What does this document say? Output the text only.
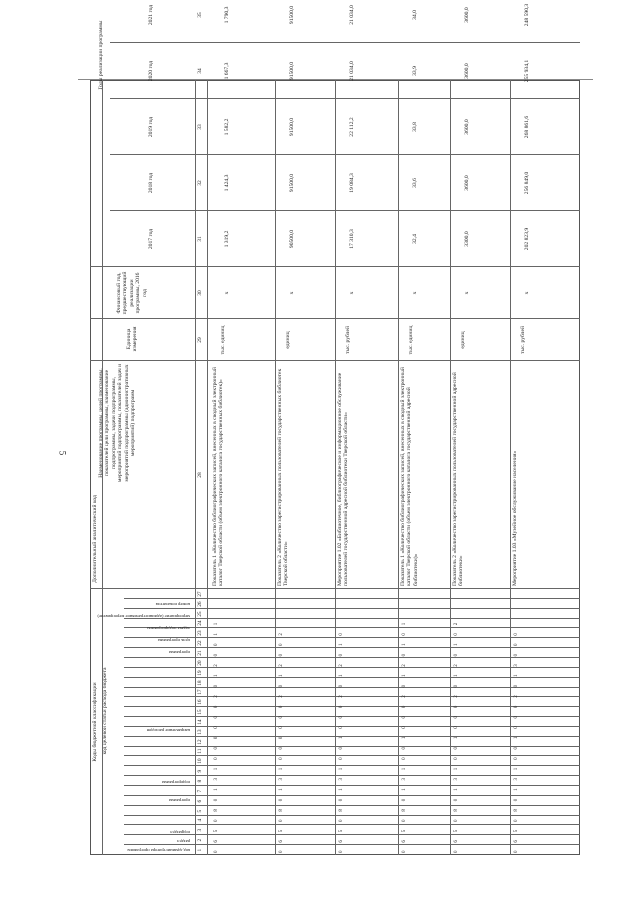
5
Коды бюджетной классификации код целевой статьи расхода бюджета
Дополнительный аналитический код
Наименование программы, целей программы, показателей цели программы, наименование подпрограммы, задачи подпрограммы, мероприятий подпрограммы, показателей задач и мероприятий подпрограммы (административных мероприятий) подпрограмм
Единица измерения
Финансовый год, предшествующий реализации программы, 2016 год
Годы реализации программы
код администратора программы
раздел
подраздел
программа
подпрограмма
направление расходов
программа
цель программы
задача подпрограммы
мероприятие (административное мероприятие)
номер показателя
2017 год
2018 год
2019 год
2020 год
2021 год
1
2
3
4
5
6
7
8
9
10
11
12
13
14
15
16
17
18
19
20
21
22
23
24
25
26
27
28
29
30
31
32
33
34
35
0 6 5 0 8 0 1 3 1 0 0 0 0 0 0 2 0 1 2 0 0 1 1
Показатель 1 «Количество библиографических записей, внесенных в сводный электронный каталог Тверской области (объем электронного каталога государственных библиотек)»
тыс. единиц
х
1 319,2
1 424,3
1 582,2
1 667,3
1 790,3
0 6 5 0 8 0 1 3 1 0 0 0 0 0 0 2 0 1 2 0 0 2
Показатель 2 «Количество зарегистрированных пользователей государственных библиотек Тверской области»
единиц
х
90500,0
91500,0
91500,0
91500,0
91500,0
0 6 5 0 8 0 1 3 1 0 0 1 0 0 0 2 0 1 2 0 1 0
Мероприятие 1.02 «Библиотечное, библиографическое и информационное обслуживание пользователей государственной адресной библиотеки Тверской области»
тыс. рублей
х
17 310,3
19 084,3
22 112,2
21 034,0
21 034,0
0 6 5 0 8 0 1 3 1 0 0 1 0 0 0 2 0 1 2 0 1 0 1
Показатель 1 «Количество библиографических записей, внесенных в сводный электронный каталог Тверской области (объем электронного каталога государственной адресной библиотеки)»
тыс. единиц
х
32,4
33,6
33,8
33,9
34,0
0 6 5 0 8 0 1 3 1 0 0 1 0 0 0 2 0 1 2 0 1 0 2
Показатель 2 «Количество зарегистрированных пользователей государственной адресной библиотеки»
единиц
х
3300,0
3600,0
3600,0
3600,0
3600,0
0 6 5 0 8 0 1 3 1 0 0 1 0 0 0 2 0 1 3 0 0 0
Мероприятие 1.03 «Музейное обслуживание населения»
тыс. рублей
х
202 823,9
256 849,0
268 861,6
255 934,1
248 590,3
